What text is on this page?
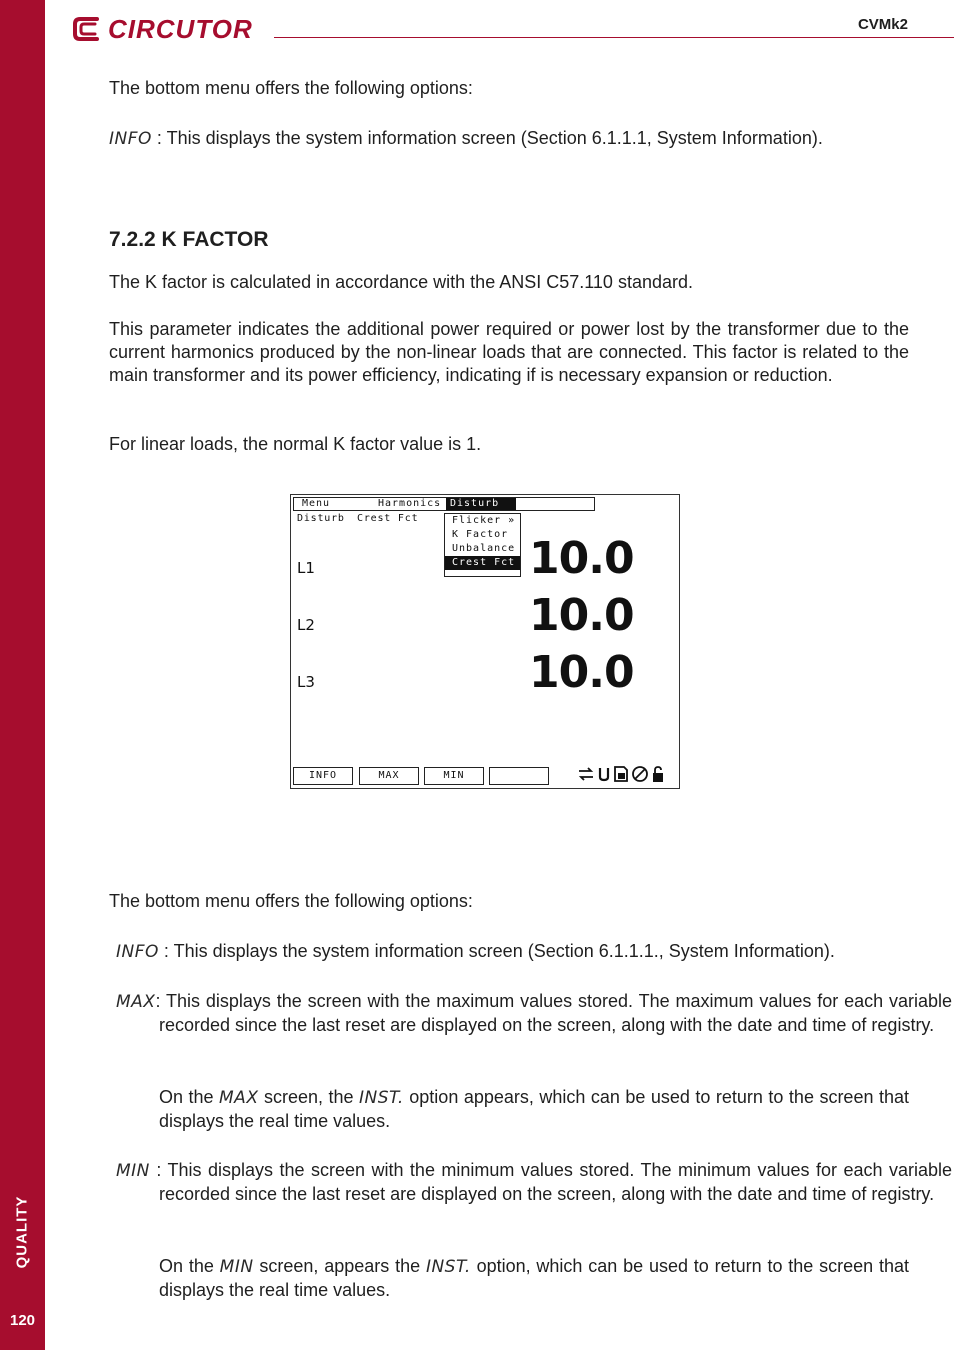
QUALITY
120
CIRCUTOR	CVMk2

The bottom menu offers the following options:

INFO : This displays the system information screen (Section 6.1.1.1, System Information).

7.2.2 K FACTOR

The K factor is calculated in accordance with the ANSI C57.110 standard.

This parameter indicates the additional power required or power lost by the transformer due to the current harmonics produced by the non-linear loads that are connected. This factor is related to the main transformer and its power efficiency, indicating if is necessary expansion or reduction.

For linear loads, the normal K factor value is 1.

Menu	Harmonics Disturb
Disturb Crest Fct	Flicker »
K Factor
Unbalance
Crest Fct
L1
L2
L3
10.0
10.0
10.0
INFO	MAX	MIN

The bottom menu offers the following options:

INFO : This displays the system information screen (Section 6.1.1.1., System Information).

MAX: This displays the screen with the maximum values stored. The maximum values for each variable recorded since the last reset are displayed on the screen, along with the date and time of registry.

On the MAX screen, the INST. option appears, which can be used to return to the screen that displays the real time values.

MIN : This displays the screen with the minimum values stored. The minimum values for each variable recorded since the last reset are displayed on the screen, along with the date and time of registry.

On the MIN screen, appears the INST. option, which can be used to return to the screen that displays the real time values.
